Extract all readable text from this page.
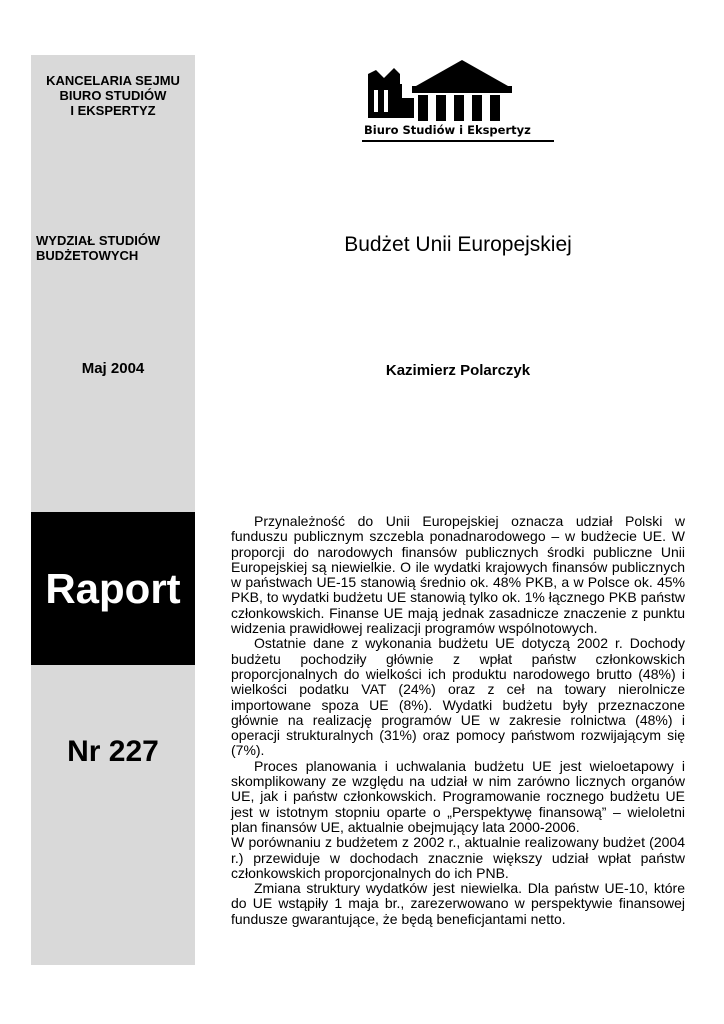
KANCELARIA SEJMU
BIURO STUDIÓW
I EKSPERTYZ
WYDZIAŁ STUDIÓW
BUDŻETOWYCH
Maj 2004
Raport
Nr 227
Biuro Studiów i Ekspertyz
Budżet Unii Europejskiej
Kazimierz Polarczyk

Przynależność do Unii Europejskiej oznacza udział Polski w funduszu publicznym szczebla ponadnarodowego – w budżecie UE. W proporcji do narodowych finansów publicznych środki publiczne Unii Europejskiej są niewielkie. O ile wydatki krajowych finansów publicznych w państwach UE-15 stanowią średnio ok. 48% PKB, a w Polsce ok. 45% PKB, to wydatki budżetu UE stanowią tylko ok. 1% łącznego PKB państw członkowskich. Finanse UE mają jednak zasadnicze znaczenie z punktu widzenia prawidłowej realizacji programów wspólnotowych.

Ostatnie dane z wykonania budżetu UE dotyczą 2002 r. Dochody budżetu pochodziły głównie z wpłat państw członkowskich proporcjonalnych do wielkości ich produktu narodowego brutto (48%) i wielkości podatku VAT (24%) oraz z ceł na towary nierolnicze importowane spoza UE (8%). Wydatki budżetu były przeznaczone głównie na realizację programów UE w zakresie rolnictwa (48%) i operacji strukturalnych (31%) oraz pomocy państwom rozwijającym się (7%).

Proces planowania i uchwalania budżetu UE jest wieloetapowy i skomplikowany ze względu na udział w nim zarówno licznych organów UE, jak i państw członkowskich. Programowanie rocznego budżetu UE jest w istotnym stopniu oparte o „Perspektywę finansową” – wieloletni plan finansów UE, aktualnie obejmujący lata 2000-2006.

W porównaniu z budżetem z 2002 r., aktualnie realizowany budżet (2004 r.) przewiduje w dochodach znacznie większy udział wpłat państw członkowskich proporcjonalnych do ich PNB.

Zmiana struktury wydatków jest niewielka. Dla państw UE-10, które do UE wstąpiły 1 maja br., zarezerwowano w perspektywie finansowej fundusze gwarantujące, że będą beneficjantami netto.
